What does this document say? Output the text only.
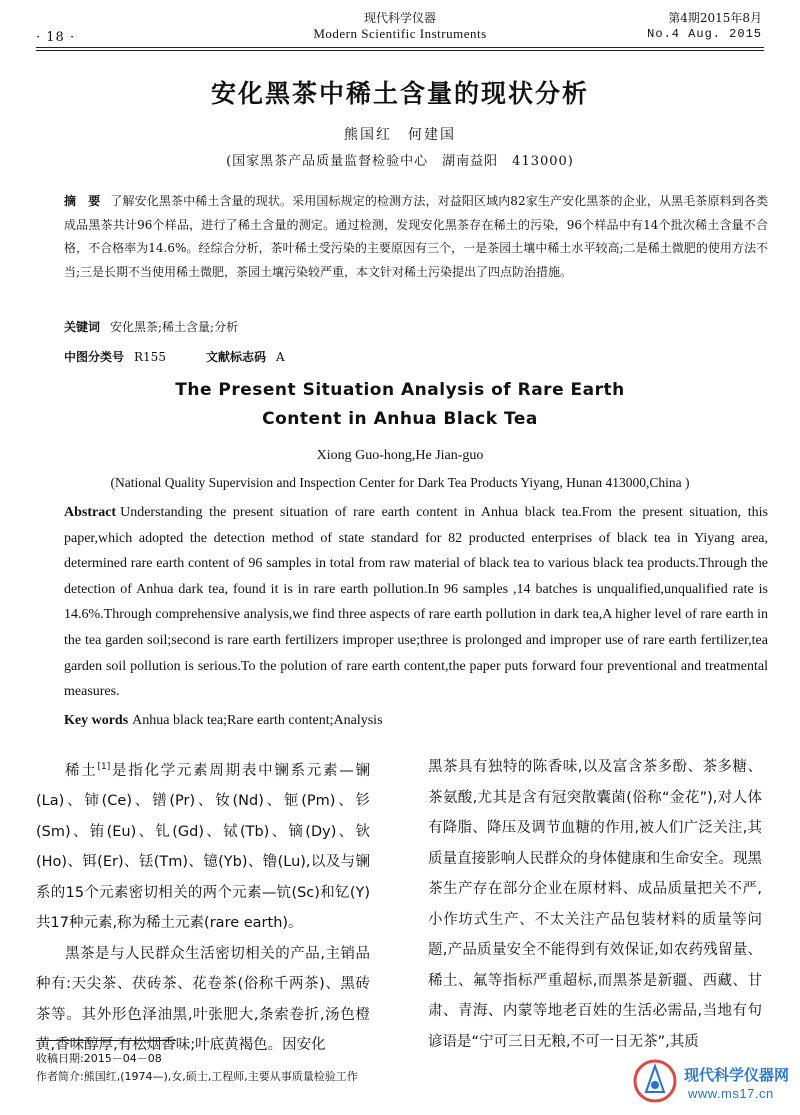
· 18 ·
现代科学仪器
Modern Scientific Instruments
第4期2015年8月
No.4 Aug. 2015
安化黑茶中稀土含量的现状分析
熊国红　何建国
(国家黑茶产品质量监督检验中心　湖南益阳　413000)
摘　要 了解安化黑茶中稀土含量的现状。采用国标规定的检测方法，对益阳区域内82家生产安化黑茶的企业，从黑毛茶原料到各类成品黑茶共计96个样品，进行了稀土含量的测定。通过检测，发现安化黑茶存在稀土的污染，96个样品中有14个批次稀土含量不合格，不合格率为14.6%。经综合分析，茶叶稀土受污染的主要原因有三个，一是茶园土壤中稀土水平较高;二是稀土微肥的使用方法不当;三是长期不当使用稀土微肥，茶园土壤污染较严重，本文针对稀土污染提出了四点防治措施。
关键词 安化黑茶;稀土含量;分析
中图分类号 R155	文献标志码 A
The Present Situation Analysis of Rare Earth
Content in Anhua Black Tea
Xiong Guo-hong,He Jian-guo
(National Quality Supervision and Inspection Center for Dark Tea Products Yiyang, Hunan 413000,China )
Abstract Understanding the present situation of rare earth content in Anhua black tea.From the present situation, this paper,which adopted the detection method of state standard for 82 producted enterprises of black tea in Yiyang area, determined rare earth content of 96 samples in total from raw material of black tea to various black tea products.Through the detection of Anhua dark tea, found it is in rare earth pollution.In 96 samples ,14 batches is unqualified,unqualified rate is 14.6%.Through comprehensive analysis,we find three aspects of rare earth pollution in dark tea,A higher level of rare earth in the tea garden soil;second is rare earth fertilizers improper use;three is prolonged and improper use of rare earth fertilizer,tea garden soil pollution is serious.To the polution of rare earth content,the paper puts forward four preventional and treatmental measures.
Key words Anhua black tea;Rare earth content;Analysis

稀土[1]是指化学元素周期表中镧系元素—镧(La)、铈(Ce)、镨(Pr)、钕(Nd)、钷(Pm)、钐(Sm)、铕(Eu)、钆(Gd)、铽(Tb)、镝(Dy)、钬(Ho)、铒(Er)、铥(Tm)、镱(Yb)、镥(Lu),以及与镧系的15个元素密切相关的两个元素—钪(Sc)和钇(Y)共17种元素,称为稀土元素(rare earth)。

黑茶是与人民群众生活密切相关的产品,主销品种有:天尖茶、茯砖茶、花卷茶(俗称千两茶)、黑砖茶等。其外形色泽油黑,叶张肥大,条索卷折,汤色橙黄,香味醇厚,有松烟香味;叶底黄褐色。因安化

黑茶具有独特的陈香味,以及富含茶多酚、茶多糖、茶氨酸,尤其是含有冠突散囊菌(俗称“金花”),对人体有降脂、降压及调节血糖的作用,被人们广泛关注,其质量直接影响人民群众的身体健康和生命安全。现黑茶生产存在部分企业在原材料、成品质量把关不严,小作坊式生产、不太关注产品包装材料的质量等问题,产品质量安全不能得到有效保证,如农药残留量、稀土、氟等指标严重超标,而黑茶是新疆、西藏、甘肃、青海、内蒙等地老百姓的生活必需品,当地有句谚语是“宁可三日无粮,不可一日无茶”,其质

收稿日期:2015－04－08
作者简介:熊国红,(1974—),女,硕士,工程师,主要从事质量检验工作	现代科学仪器网
www.ms17.cn
